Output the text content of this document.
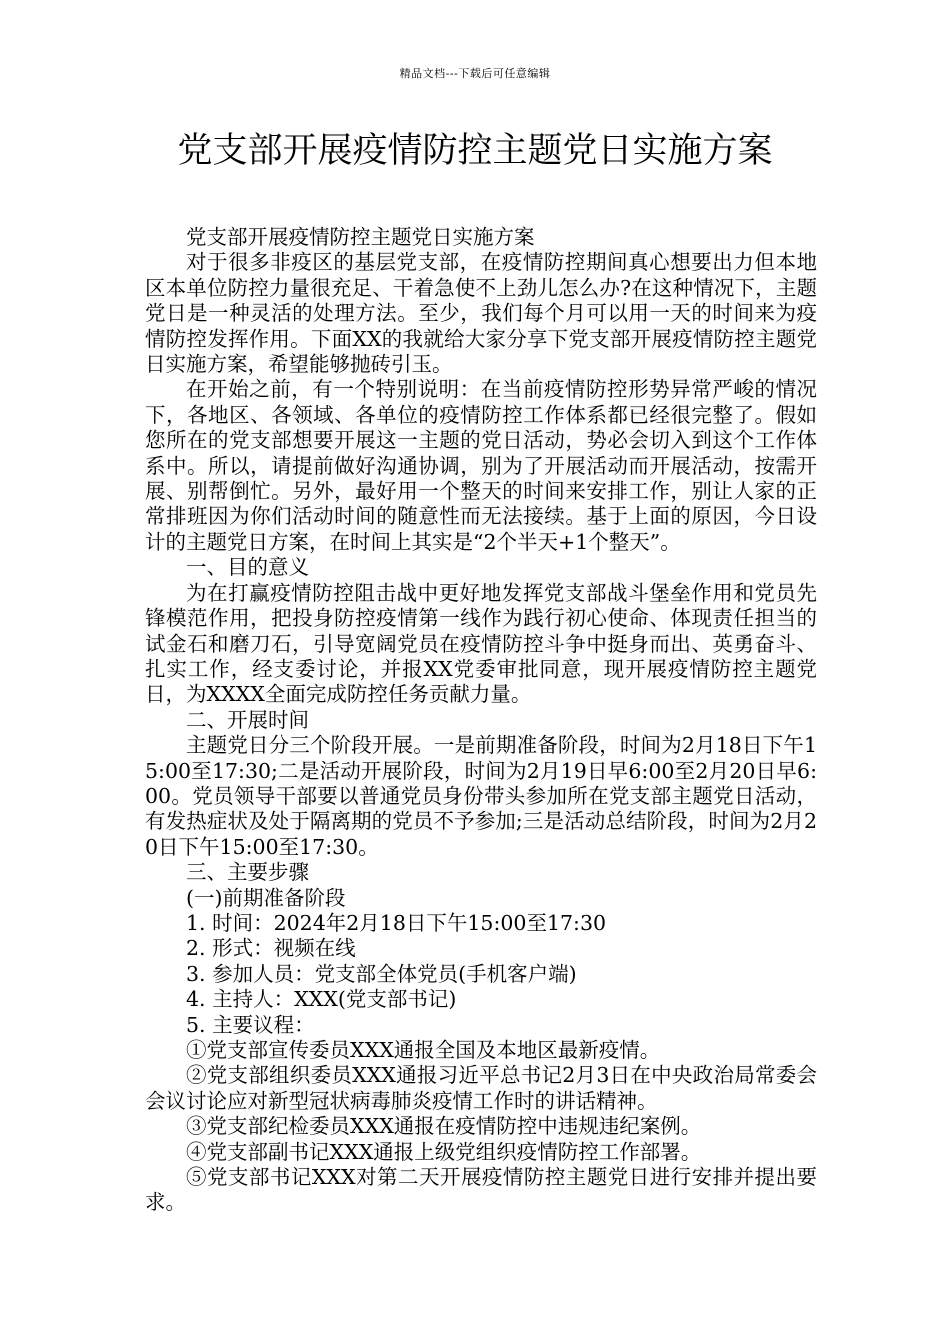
精品文档---下载后可任意编辑
党支部开展疫情防控主题党日实施方案

党支部开展疫情防控主题党日实施方案

对于很多非疫区的基层党支部，在疫情防控期间真心想要出力但本地区本单位防控力量很充足、干着急使不上劲儿怎么办?在这种情况下，主题党日是一种灵活的处理方法。至少，我们每个月可以用一天的时间来为疫情防控发挥作用。下面XX的我就给大家分享下党支部开展疫情防控主题党日实施方案，希望能够抛砖引玉。

在开始之前，有一个特别说明：在当前疫情防控形势异常严峻的情况下，各地区、各领域、各单位的疫情防控工作体系都已经很完整了。假如您所在的党支部想要开展这一主题的党日活动，势必会切入到这个工作体系中。所以，请提前做好沟通协调，别为了开展活动而开展活动，按需开展、别帮倒忙。另外，最好用一个整天的时间来安排工作，别让人家的正常排班因为你们活动时间的随意性而无法接续。基于上面的原因，今日设计的主题党日方案，在时间上其实是“2个半天+1个整天”。

一、目的意义

为在打赢疫情防控阻击战中更好地发挥党支部战斗堡垒作用和党员先锋模范作用，把投身防控疫情第一线作为践行初心使命、体现责任担当的试金石和磨刀石，引导宽阔党员在疫情防控斗争中挺身而出、英勇奋斗、扎实工作，经支委讨论，并报XX党委审批同意，现开展疫情防控主题党日，为XXXX全面完成防控任务贡献力量。

二、开展时间

主题党日分三个阶段开展。一是前期准备阶段，时间为2月18日下午15:00至17:30;二是活动开展阶段，时间为2月19日早6:00至2月20日早6:00。党员领导干部要以普通党员身份带头参加所在党支部主题党日活动，有发热症状及处于隔离期的党员不予参加;三是活动总结阶段，时间为2月20日下午15:00至17:30。

三、主要步骤

(一)前期准备阶段

1. 时间：2024年2月18日下午15:00至17:30

2. 形式：视频在线

3. 参加人员：党支部全体党员(手机客户端)

4. 主持人：XXX(党支部书记)

5. 主要议程：

①党支部宣传委员XXX通报全国及本地区最新疫情。

②党支部组织委员XXX通报习近平总书记2月3日在中央政治局常委会会议讨论应对新型冠状病毒肺炎疫情工作时的讲话精神。

③党支部纪检委员XXX通报在疫情防控中违规违纪案例。

④党支部副书记XXX通报上级党组织疫情防控工作部署。

⑤党支部书记XXX对第二天开展疫情防控主题党日进行安排并提出要求。
